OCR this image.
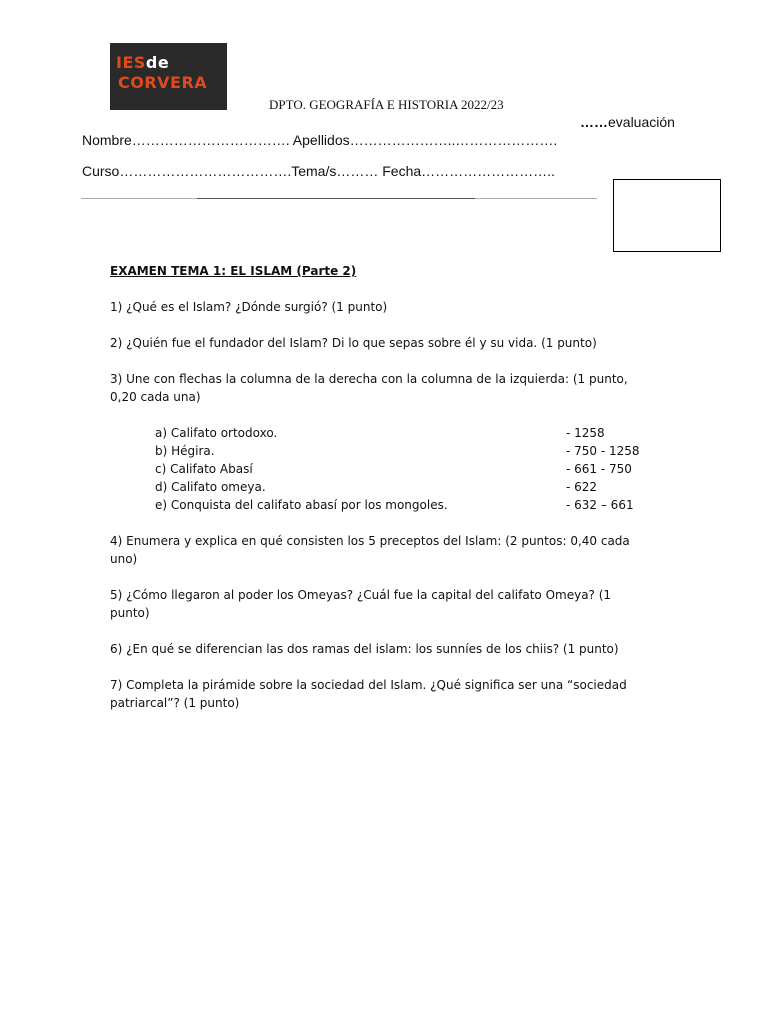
IESde
CORVERA
DPTO. GEOGRAFÍA E HISTORIA 2022/23
……evaluación
Nombre……………………………. Apellidos…………………..………………….
Curso……………………………….Tema/s……… Fecha………………………..

EXAMEN TEMA 1: EL ISLAM (Parte 2)

1) ¿Qué es el Islam? ¿Dónde surgió? (1 punto)

2) ¿Quién fue el fundador del Islam? Di lo que sepas sobre él y su vida. (1 punto)

3) Une con flechas la columna de la derecha con la columna de la izquierda: (1 punto, 0,20 cada una)

a) Califato ortodoxo.	- 1258
b) Hégira.	- 750 - 1258
c) Califato Abasí	- 661 - 750
d) Califato omeya.	- 622
e) Conquista del califato abasí por los mongoles.	- 632 – 661

4) Enumera y explica en qué consisten los 5 preceptos del Islam: (2 puntos: 0,40 cada uno)

5) ¿Cómo llegaron al poder los Omeyas? ¿Cuál fue la capital del califato Omeya? (1 punto)

6) ¿En qué se diferencian las dos ramas del islam: los sunníes de los chiis? (1 punto)

7) Completa la pirámide sobre la sociedad del Islam. ¿Qué significa ser una “sociedad patriarcal”? (1 punto)
